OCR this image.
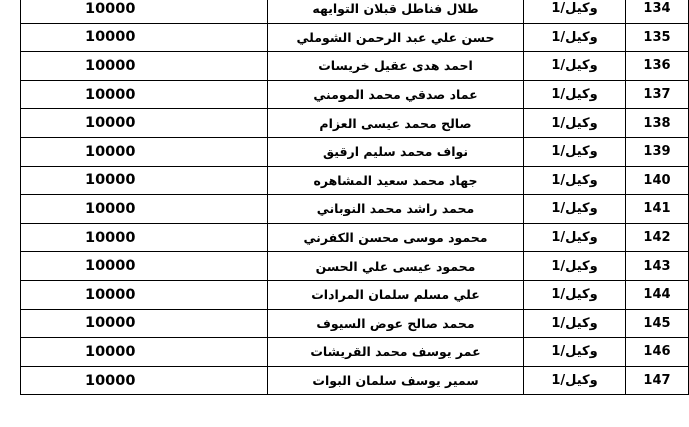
10000	طلال فناطل قبلان التوايهه	وكيل/1	134
10000	حسن علي عبد الرحمن الشوملي	وكيل/1	135
10000	احمد هدى عقيل خريسات	وكيل/1	136
10000	عماد صدقي محمد المومني	وكيل/1	137
10000	صالح محمد عيسى العزام	وكيل/1	138
10000	نواف محمد سليم ارقيق	وكيل/1	139
10000	جهاد محمد سعيد المشاهره	وكيل/1	140
10000	محمد راشد محمد النوباني	وكيل/1	141
10000	محمود موسى محسن الكفرني	وكيل/1	142
10000	محمود عيسى علي الحسن	وكيل/1	143
10000	علي مسلم سلمان المرادات	وكيل/1	144
10000	محمد صالح عوض السيوف	وكيل/1	145
10000	عمر يوسف محمد القريشات	وكيل/1	146
10000	سمير يوسف سلمان البوات	وكيل/1	147
